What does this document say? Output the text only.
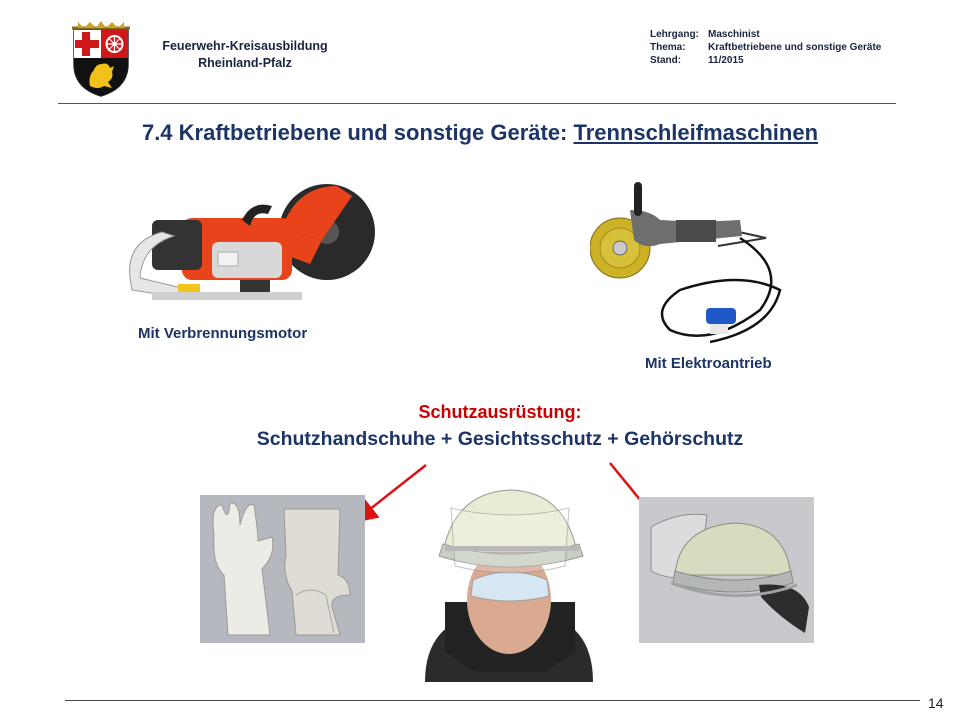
Feuerwehr-Kreisausbildung
Rheinland-Pfalz
Lehrgang: Maschinist
Thema: Kraftbetriebene und sonstige Geräte
Stand:	11/2015
7.4 Kraftbetriebene und sonstige Geräte: Trennschleifmaschinen
Mit Verbrennungsmotor
Mit Elektroantrieb
Schutzausrüstung:
Schutzhandschuhe + Gesichtsschutz + Gehörschutz
14
